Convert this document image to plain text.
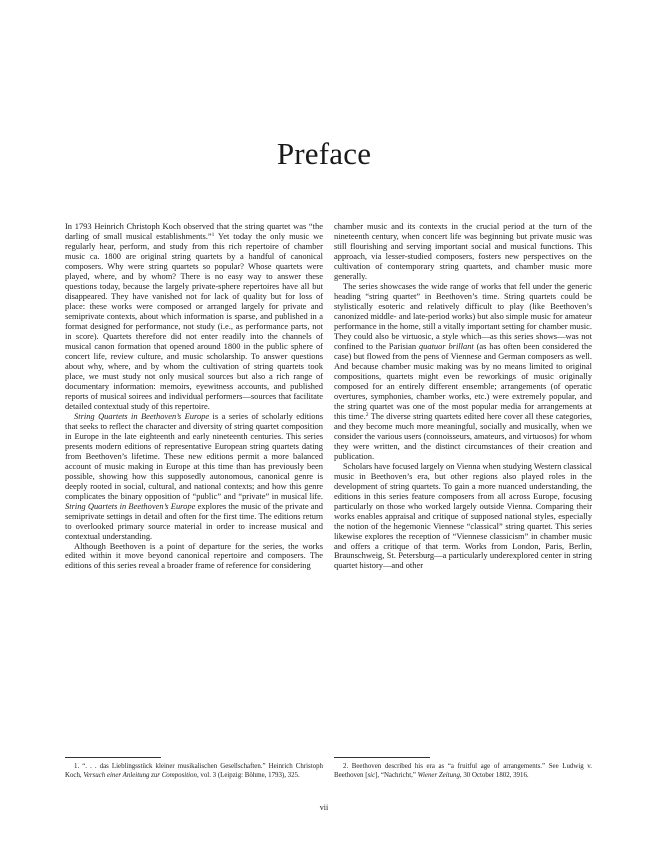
Preface

In 1793 Heinrich Christoph Koch observed that the string quartet was “the darling of small musical establishments.”$^1$ Yet today the only music we regularly hear, perform, and study from this rich repertoire of chamber music ca. 1800 are original string quartets by a handful of canonical composers. Why were string quartets so popular? Whose quartets were played, where, and by whom? There is no easy way to answer these questions today, because the largely private-sphere repertoires have all but disappeared. They have vanished not for lack of quality but for loss of place: these works were composed or arranged largely for private and semiprivate contexts, about which information is sparse, and published in a format designed for performance, not study (i.e., as performance parts, not in score). Quartets therefore did not enter readily into the channels of musical canon formation that opened around 1800 in the public sphere of concert life, review culture, and music scholarship. To answer questions about why, where, and by whom the cultivation of string quartets took place, we must study not only musical sources but also a rich range of documentary information: memoirs, eyewitness accounts, and published reports of musical soirees and individual performers—sources that facilitate detailed contextual study of this repertoire.

String Quartets in Beethoven’s Europe is a series of scholarly editions that seeks to reflect the character and diversity of string quartet composition in Europe in the late eighteenth and early nineteenth centuries. This series presents modern editions of representative European string quartets dating from Beethoven’s lifetime. These new editions permit a more balanced account of music making in Europe at this time than has previously been possible, showing how this supposedly autonomous, canonical genre is deeply rooted in social, cultural, and national contexts; and how this genre complicates the binary opposition of “public” and “private” in musical life. String Quartets in Beethoven’s Europe explores the music of the private and semiprivate settings in detail and often for the first time. The editions return to overlooked primary source material in order to increase musical and contextual understanding.

Although Beethoven is a point of departure for the series, the works edited within it move beyond canonical repertoire and composers. The editions of this series reveal a broader frame of reference for considering

chamber music and its contexts in the crucial period at the turn of the nineteenth century, when concert life was beginning but private music was still flourishing and serving important social and musical functions. This approach, via lesser-studied composers, fosters new perspectives on the cultivation of contemporary string quartets, and chamber music more generally.

The series showcases the wide range of works that fell under the generic heading “string quartet” in Beethoven’s time. String quartets could be stylistically esoteric and relatively difficult to play (like Beethoven’s canonized middle- and late-period works) but also simple music for amateur performance in the home, still a vitally important setting for chamber music. They could also be virtuosic, a style which—as this series shows—was not confined to the Parisian quatuor brillant (as has often been considered the case) but flowed from the pens of Viennese and German composers as well. And because chamber music making was by no means limited to original compositions, quartets might even be reworkings of music originally composed for an entirely different ensemble; arrangements (of operatic overtures, symphonies, chamber works, etc.) were extremely popular, and the string quartet was one of the most popular media for arrangements at this time.$^2$ The diverse string quartets edited here cover all these categories, and they become much more meaningful, socially and musically, when we consider the various users (connoisseurs, amateurs, and virtuosos) for whom they were written, and the distinct circumstances of their creation and publication.

Scholars have focused largely on Vienna when studying Western classical music in Beethoven’s era, but other regions also played roles in the development of string quartets. To gain a more nuanced understanding, the editions in this series feature composers from all across Europe, focusing particularly on those who worked largely outside Vienna. Comparing their works enables appraisal and critique of supposed national styles, especially the notion of the hegemonic Viennese “classical” string quartet. This series likewise explores the reception of “Viennese classicism” in chamber music and offers a critique of that term. Works from London, Paris, Berlin, Braunschweig, St. Petersburg—a particularly underexplored center in string quartet history—and other

1. “. . . das Lieblingsstück kleiner musikalischen Gesellschaften.” Heinrich Christoph Koch, Versuch einer Anleitung zur Composition, vol. 3 (Leipzig: Böhme, 1793), 325.

2. Beethoven described his era as “a fruitful age of arrangements.” See Ludwig v. Beethoven [sic], “Nachricht,” Wiener Zeitung, 30 October 1802, 3916.

vii
